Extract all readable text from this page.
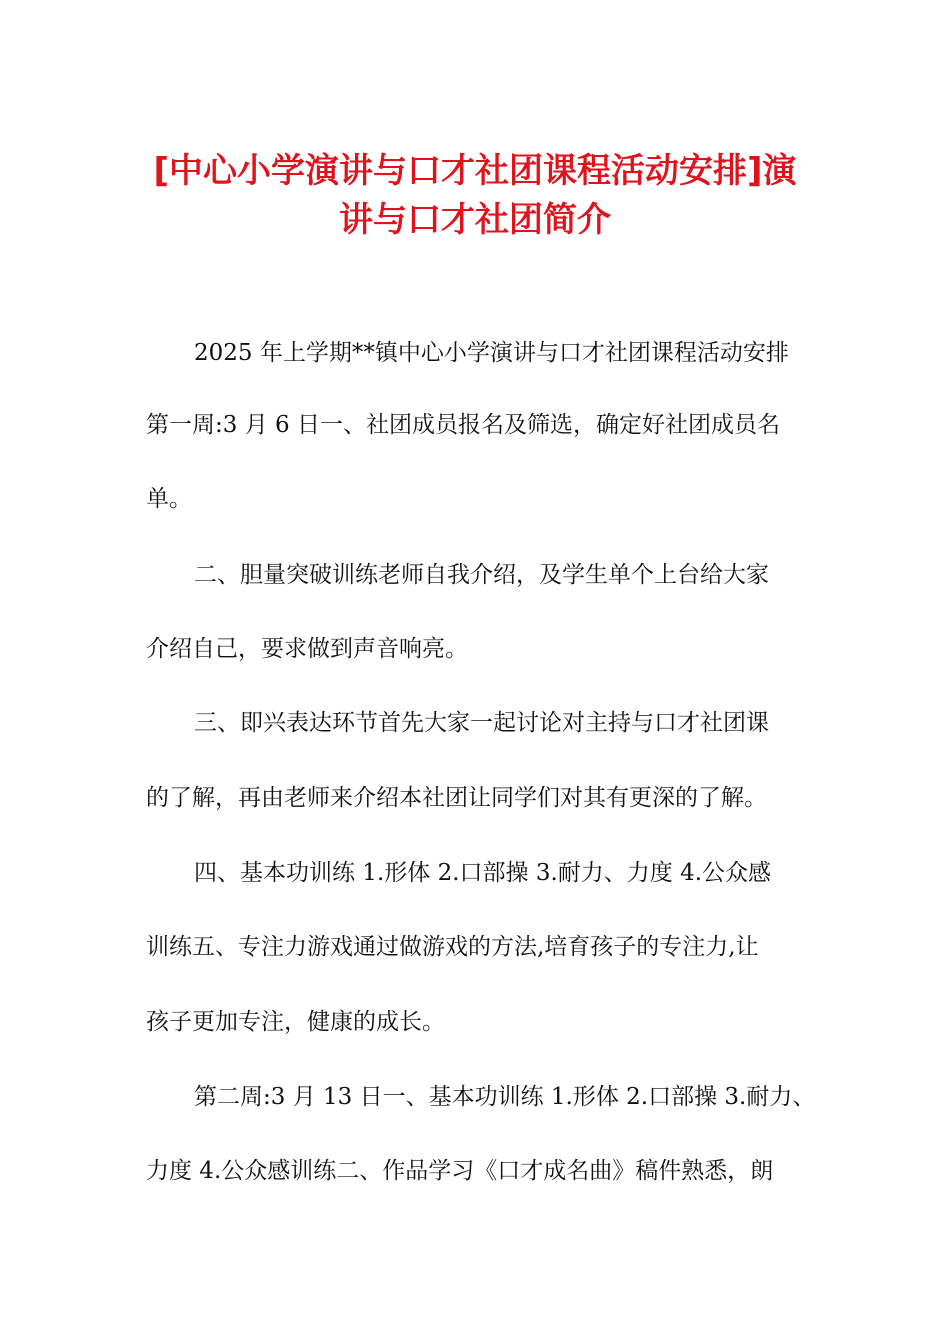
[中心小学演讲与口才社团课程活动安排]演
讲与口才社团简介
2025 年上学期**镇中心小学演讲与口才社团课程活动安排
第一周:3 月 6 日一、社团成员报名及筛选，确定好社团成员名
单。
二、胆量突破训练老师自我介绍，及学生单个上台给大家
介绍自己，要求做到声音响亮。
三、即兴表达环节首先大家一起讨论对主持与口才社团课
的了解，再由老师来介绍本社团让同学们对其有更深的了解。
四、基本功训练 1.形体 2.口部操 3.耐力、力度 4.公众感
训练五、专注力游戏通过做游戏的方法,培育孩子的专注力,让
孩子更加专注，健康的成长。
第二周:3 月 13 日一、基本功训练 1.形体 2.口部操 3.耐力、
力度 4.公众感训练二、作品学习《口才成名曲》稿件熟悉，朗
